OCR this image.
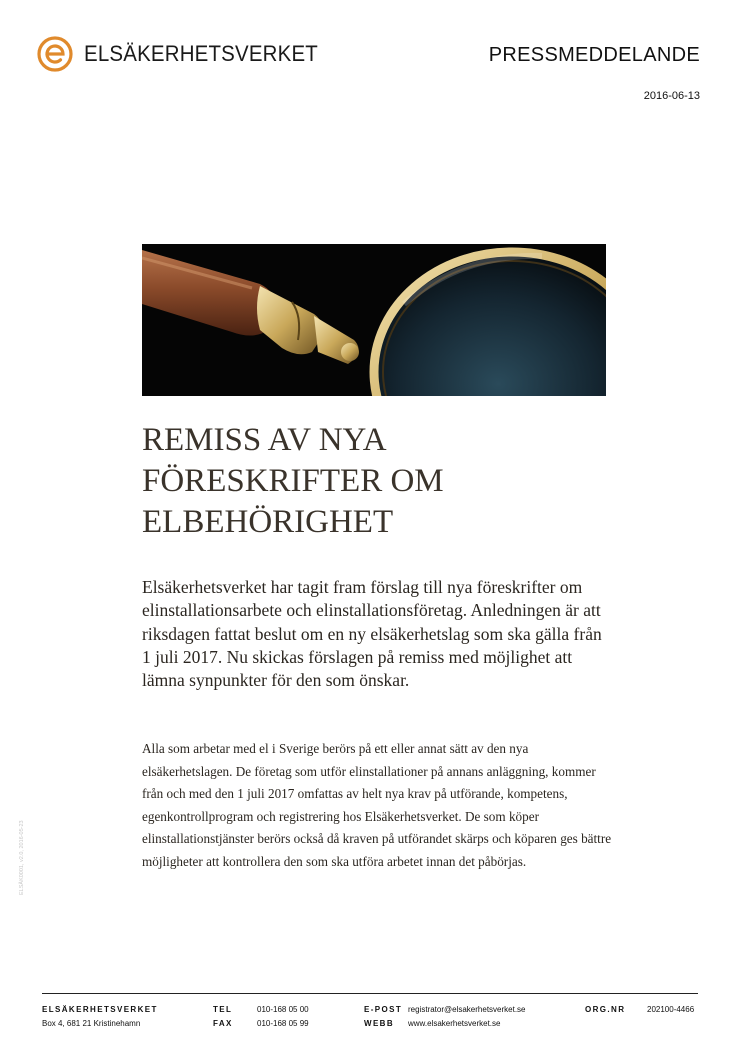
ELSÄKERHETSVERKET	PRESSMEDDELANDE
2016-06-13
REMISS AV NYA
FÖRESKRIFTER OM
ELBEHÖRIGHET

Elsäkerhetsverket har tagit fram förslag till nya föreskrifter om elinstallationsarbete och elinstallationsföretag. Anledningen är att riksdagen fattat beslut om en ny elsäkerhetslag som ska gälla från 1 juli 2017. Nu skickas förslagen på remiss med möjlighet att lämna synpunkter för den som önskar.

Alla som arbetar med el i Sverige berörs på ett eller annat sätt av den nya elsäkerhetslagen. De företag som utför elinstallationer på annans anläggning, kommer från och med den 1 juli 2017 omfattas av helt nya krav på utförande, kompetens, egenkontrollprogram och registrering hos Elsäkerhetsverket. De som köper elinstallationstjänster berörs också då kraven på utförandet skärps och köparen ges bättre möjligheter att kontrollera den som ska utföra arbetet innan det påbörjas.

ELSÄK0001, v2.0, 2016-05-23
ELSÄKERHETSVERKET
Box 4, 681 21 Kristinehamn
TEL	010-168 05 00
FAX	010-168 05 99
E-POST registrator@elsakerhetsverket.se
WEBB	www.elsakerhetsverket.se
ORG.NR	202100-4466
